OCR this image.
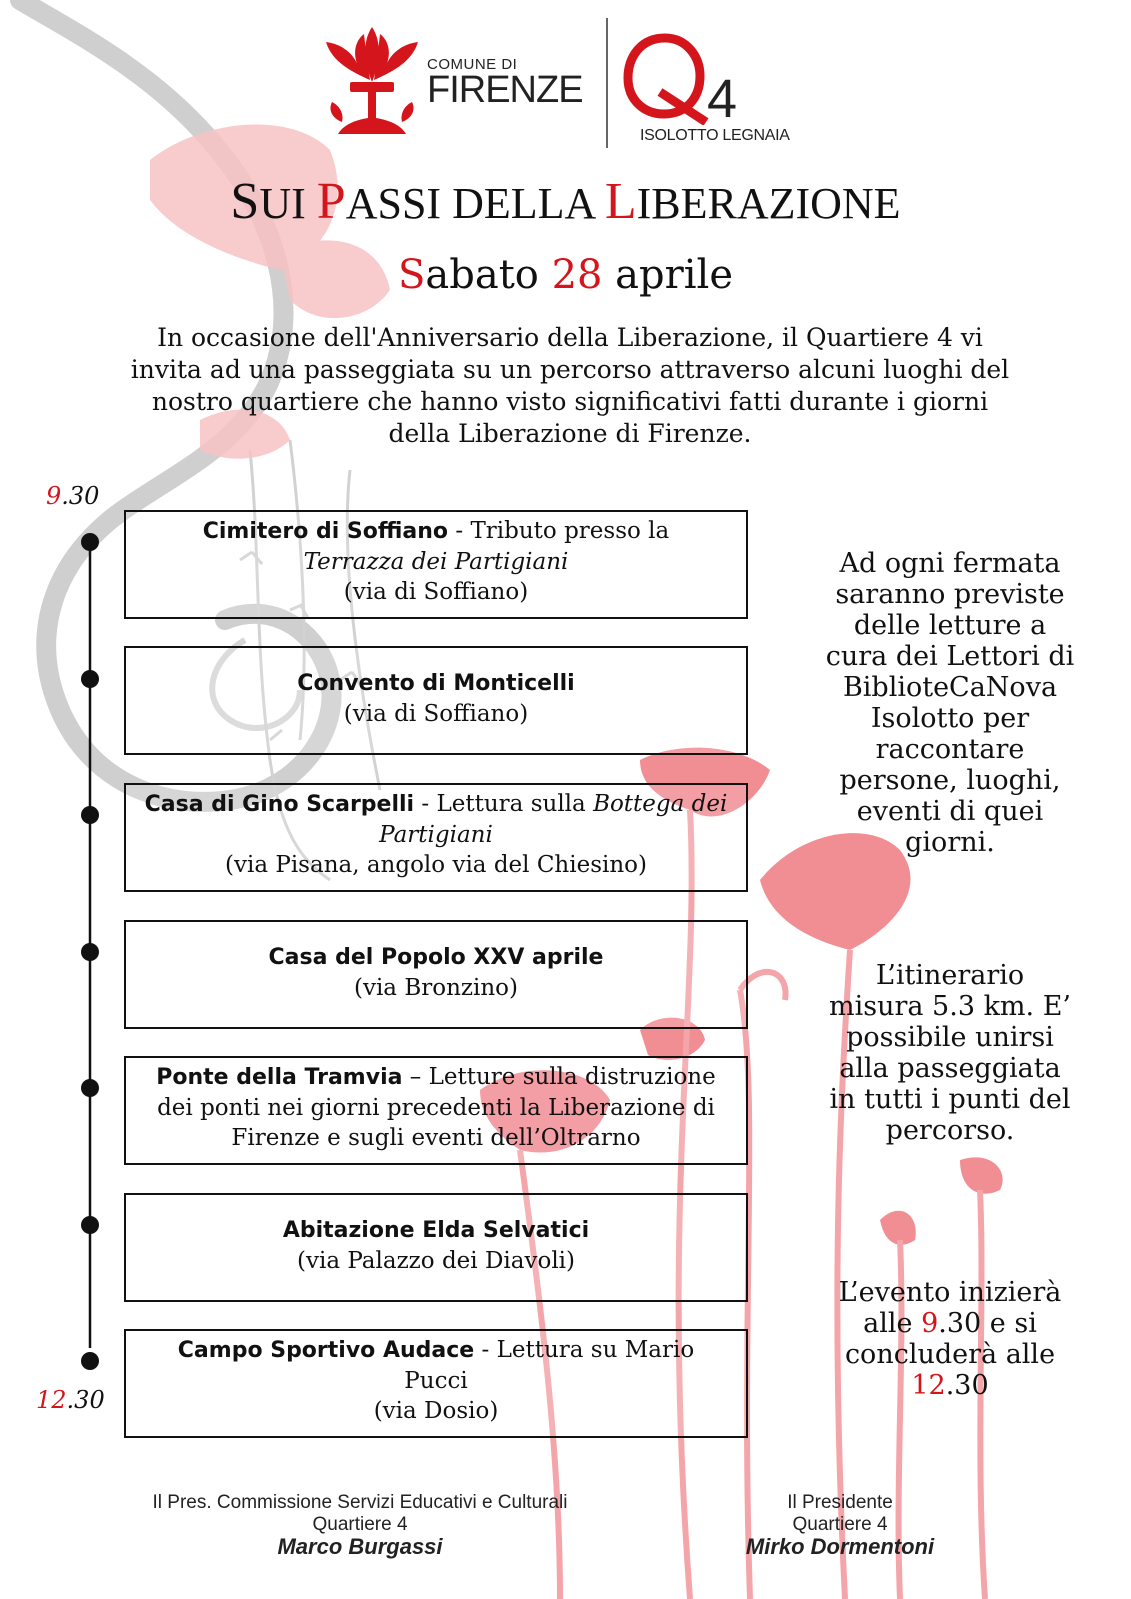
COMUNE DI
FIRENZE 4
ISOLOTTO LEGNAIA
SUI PASSI DELLA LIBERAZIONE
Sabato 28 aprile
In occasione dell'Anniversario della Liberazione, il Quartiere 4 vi invita ad una passeggiata su un percorso attraverso alcuni luoghi del nostro quartiere che hanno visto significativi fatti durante i giorni della Liberazione di Firenze.
9.30
12.30
Cimitero di Soffiano - Tributo presso la
Terrazza dei Partigiani
(via di Soffiano)
Convento di Monticelli
(via di Soffiano)
Casa di Gino Scarpelli - Lettura sulla Bottega dei Partigiani
(via Pisana, angolo via del Chiesino)
Casa del Popolo XXV aprile
(via Bronzino)
Ponte della Tramvia – Letture sulla distruzione dei ponti nei giorni precedenti la Liberazione di Firenze e sugli eventi dell’Oltrarno
Abitazione Elda Selvatici
(via Palazzo dei Diavoli)
Campo Sportivo Audace - Lettura su Mario Pucci
(via Dosio)
Ad ogni fermata saranno previste delle letture a cura dei Lettori di BiblioteCaNova Isolotto per raccontare persone, luoghi, eventi di quei giorni.
L’itinerario misura 5.3 km. E’ possibile unirsi alla passeggiata in tutti i punti del percorso.
L’evento inizierà alle 9.30 e si concluderà alle 12.30
Il Pres. Commissione Servizi Educativi e Culturali
Quartiere 4
Marco Burgassi
Il Presidente
Quartiere 4
Mirko Dormentoni
